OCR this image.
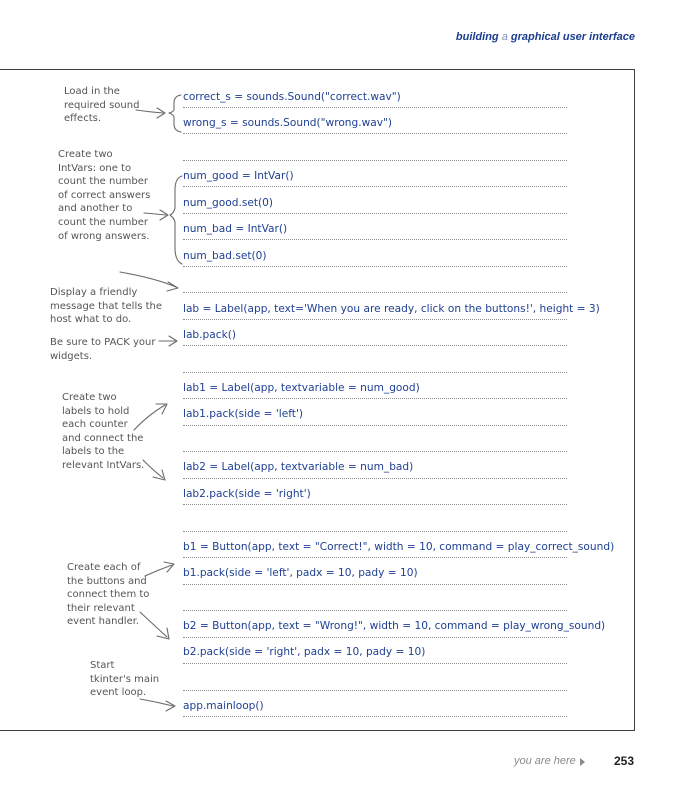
building a graphical user interface
correct_s = sounds.Sound("correct.wav")
wrong_s = sounds.Sound("wrong.wav")
num_good = IntVar()
num_good.set(0)
num_bad = IntVar()
num_bad.set(0)
lab = Label(app, text='When you are ready, click on the buttons!', height = 3)
lab.pack()
lab1 = Label(app, textvariable = num_good)
lab1.pack(side = 'left')
lab2 = Label(app, textvariable = num_bad)
lab2.pack(side = 'right')
b1 = Button(app, text = "Correct!", width = 10, command = play_correct_sound)
b1.pack(side = 'left', padx = 10, pady = 10)
b2 = Button(app, text = "Wrong!", width = 10, command = play_wrong_sound)
b2.pack(side = 'right', padx = 10, pady = 10)
app.mainloop()
Load in the
required sound
effects.
Create two
IntVars: one to
count the number
of correct answers
and another to
count the number
of wrong answers.
Display a friendly
message that tells the
host what to do.
Be sure to PACK your
widgets.
Create two
labels to hold
each counter
and connect the
labels to the
relevant IntVars.
Create each of
the buttons and
connect them to
their relevant
event handler.
Start
tkinter's main
event loop.
you are here	253
